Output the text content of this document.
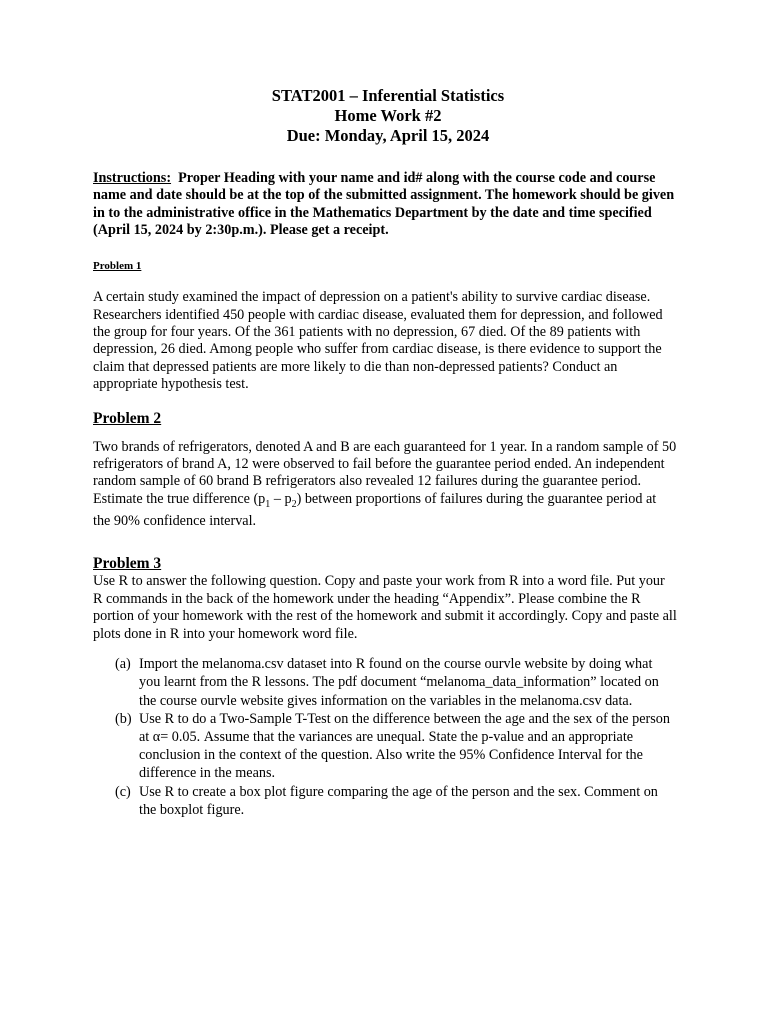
STAT2001 – Inferential Statistics
Home Work #2
Due: Monday, April 15, 2024
Instructions: Proper Heading with your name and id# along with the course code and course name and date should be at the top of the submitted assignment. The homework should be given in to the administrative office in the Mathematics Department by the date and time specified (April 15, 2024 by 2:30p.m.). Please get a receipt.
Problem 1
A certain study examined the impact of depression on a patient's ability to survive cardiac disease. Researchers identified 450 people with cardiac disease, evaluated them for depression, and followed the group for four years. Of the 361 patients with no depression, 67 died. Of the 89 patients with depression, 26 died. Among people who suffer from cardiac disease, is there evidence to support the claim that depressed patients are more likely to die than non-depressed patients? Conduct an appropriate hypothesis test.
Problem 2
Two brands of refrigerators, denoted A and B are each guaranteed for 1 year. In a random sample of 50 refrigerators of brand A, 12 were observed to fail before the guarantee period ended. An independent random sample of 60 brand B refrigerators also revealed 12 failures during the guarantee period. Estimate the true difference $(p_1 - p_2)$ between proportions of failures during the guarantee period at the 90% confidence interval.
Problem 3
Use R to answer the following question. Copy and paste your work from R into a word file. Put your R commands in the back of the homework under the heading “Appendix”. Please combine the R portion of your homework with the rest of the homework and submit it accordingly. Copy and paste all plots done in R into your homework word file.
(a) Import the melanoma.csv dataset into R found on the course ourvle website by doing what you learnt from the R lessons. The pdf document “melanoma_data_information” located on the course ourvle website gives information on the variables in the melanoma.csv data.
(b) Use R to do a Two-Sample T-Test on the difference between the age and the sex of the person at α= 0.05. Assume that the variances are unequal. State the p-value and an appropriate conclusion in the context of the question. Also write the 95% Confidence Interval for the difference in the means.
(c) Use R to create a box plot figure comparing the age of the person and the sex. Comment on the boxplot figure.
